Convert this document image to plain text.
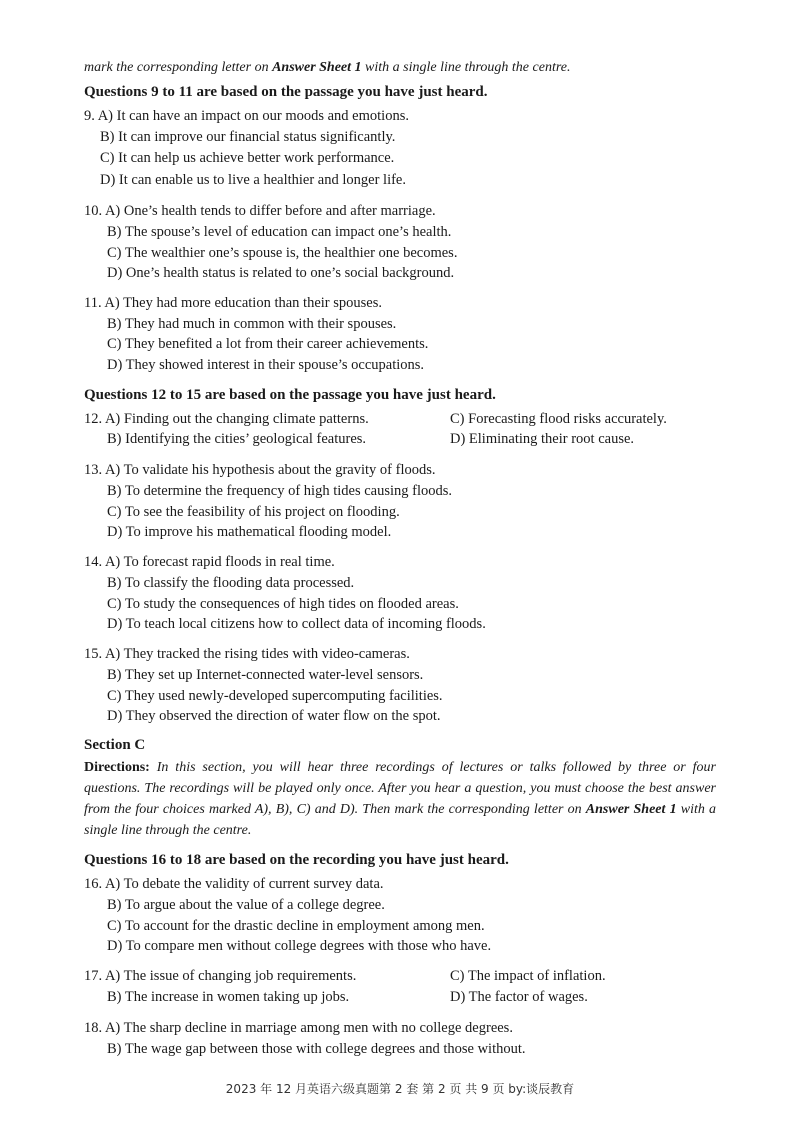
mark the corresponding letter on Answer Sheet 1 with a single line through the centre.
Questions 9 to 11 are based on the passage you have just heard.
9. A) It can have an impact on our moods and emotions.
B) It can improve our financial status significantly.
C) It can help us achieve better work performance.
D) It can enable us to live a healthier and longer life.
10. A) One’s health tends to differ before and after marriage.
B) The spouse’s level of education can impact one’s health.
C) The wealthier one’s spouse is, the healthier one becomes.
D) One’s health status is related to one’s social background.
11. A) They had more education than their spouses.
B) They had much in common with their spouses.
C) They benefited a lot from their career achievements.
D) They showed interest in their spouse’s occupations.
Questions 12 to 15 are based on the passage you have just heard.
12. A) Finding out the changing climate patterns.	C) Forecasting flood risks accurately.
B) Identifying the cities’ geological features.	D) Eliminating their root cause.
13. A) To validate his hypothesis about the gravity of floods.
B) To determine the frequency of high tides causing floods.
C) To see the feasibility of his project on flooding.
D) To improve his mathematical flooding model.
14. A) To forecast rapid floods in real time.
B) To classify the flooding data processed.
C) To study the consequences of high tides on flooded areas.
D) To teach local citizens how to collect data of incoming floods.
15. A) They tracked the rising tides with video-cameras.
B) They set up Internet-connected water-level sensors.
C) They used newly-developed supercomputing facilities.
D) They observed the direction of water flow on the spot.
Section C
Directions: In this section, you will hear three recordings of lectures or talks followed by three or four questions. The recordings will be played only once. After you hear a question, you must choose the best answer from the four choices marked A), B), C) and D). Then mark the corresponding letter on Answer Sheet 1 with a single line through the centre.
Questions 16 to 18 are based on the recording you have just heard.
16. A) To debate the validity of current survey data.
B) To argue about the value of a college degree.
C) To account for the drastic decline in employment among men.
D) To compare men without college degrees with those who have.
17. A) The issue of changing job requirements.	C) The impact of inflation.
B) The increase in women taking up jobs.	D) The factor of wages.
18. A) The sharp decline in marriage among men with no college degrees.
B) The wage gap between those with college degrees and those without.
2023 年 12 月英语六级真题第 2 套 第 2 页 共 9 页 by:谈辰教育
